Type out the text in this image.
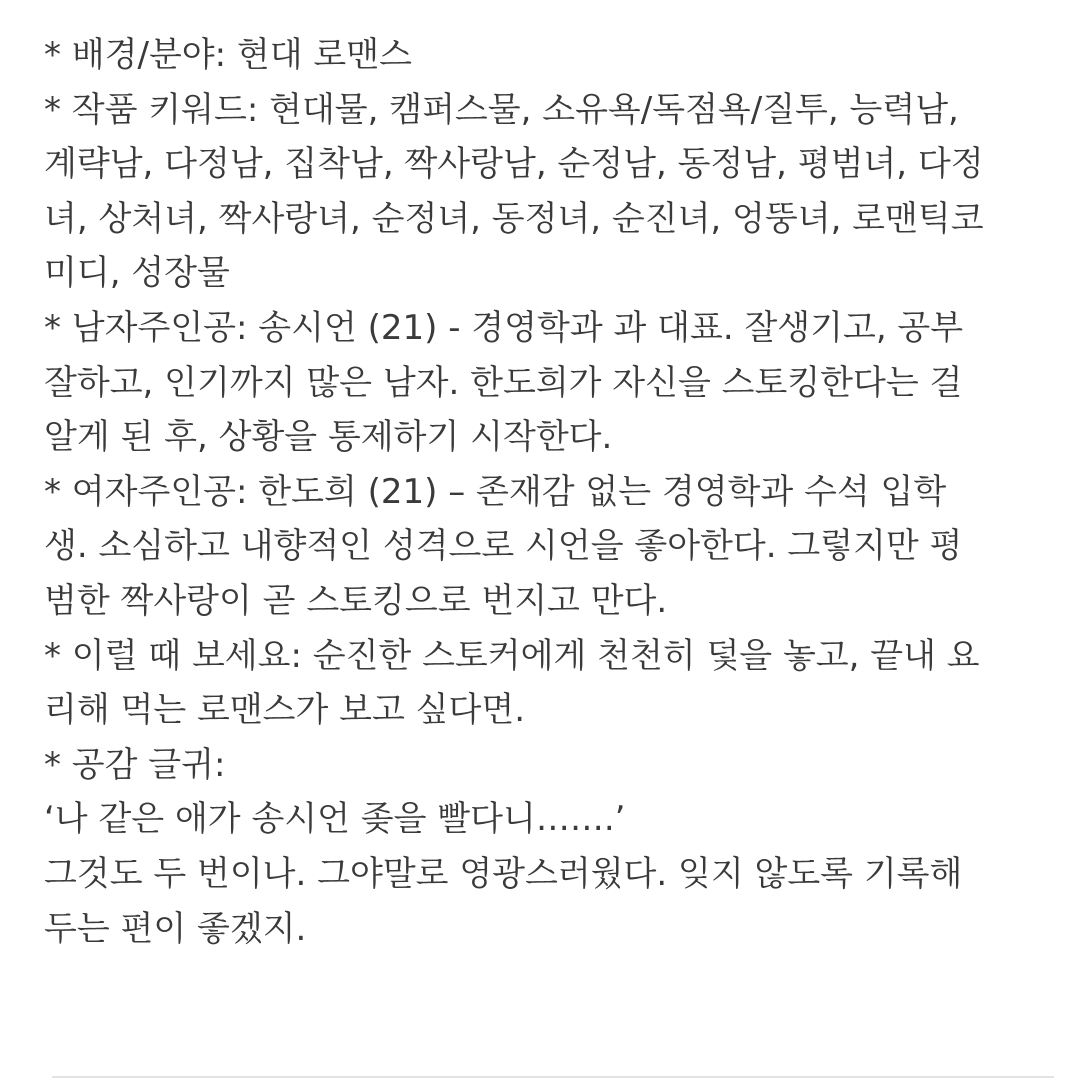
* 배경/분야: 현대 로맨스
* 작품 키워드: 현대물, 캠퍼스물, 소유욕/독점욕/질투, 능력남,
계략남, 다정남, 집착남, 짝사랑남, 순정남, 동정남, 평범녀, 다정
녀, 상처녀, 짝사랑녀, 순정녀, 동정녀, 순진녀, 엉뚱녀, 로맨틱코
미디, 성장물
* 남자주인공: 송시언 (21) - 경영학과 과 대표. 잘생기고, 공부
잘하고, 인기까지 많은 남자. 한도희가 자신을 스토킹한다는 걸
알게 된 후, 상황을 통제하기 시작한다.
* 여자주인공: 한도희 (21) – 존재감 없는 경영학과 수석 입학
생. 소심하고 내향적인 성격으로 시언을 좋아한다. 그렇지만 평
범한 짝사랑이 곧 스토킹으로 번지고 만다.
* 이럴 때 보세요: 순진한 스토커에게 천천히 덫을 놓고, 끝내 요
리해 먹는 로맨스가 보고 싶다면.
* 공감 글귀:
‘나 같은 애가 송시언 좆을 빨다니…….’
그것도 두 번이나. 그야말로 영광스러웠다. 잊지 않도록 기록해
두는 편이 좋겠지.
